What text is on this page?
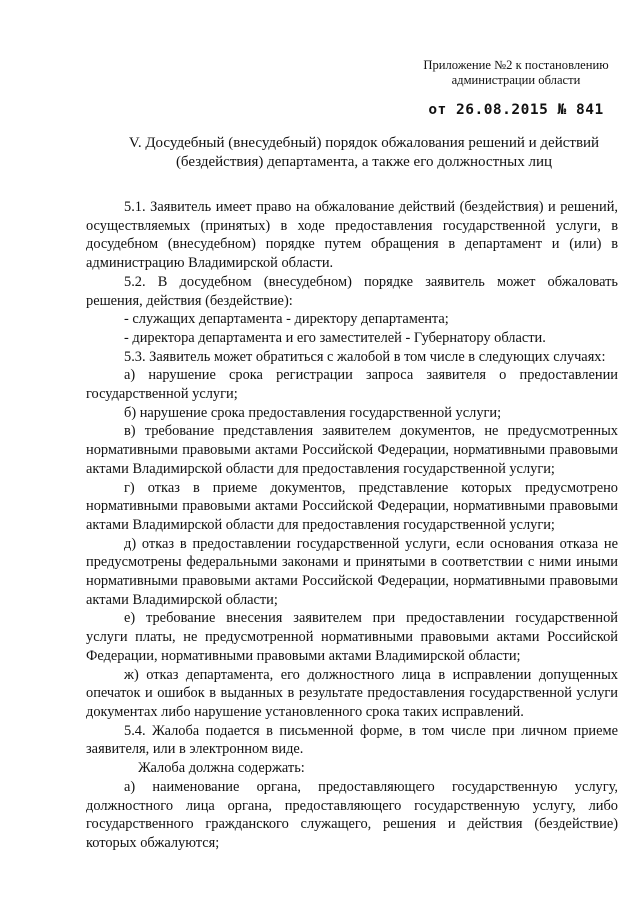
Приложение №2 к постановлению
администрации области
от 26.08.2015 № 841
V. Досудебный (внесудебный) порядок обжалования решений и действий
(бездействия) департамента, а также его должностных лиц

5.1. Заявитель имеет право на обжалование действий (бездействия) и решений, осуществляемых (принятых) в ходе предоставления государственной услуги, в досудебном (внесудебном) порядке путем обращения в департамент и (или) в администрацию Владимирской области.

5.2. В досудебном (внесудебном) порядке заявитель может обжаловать решения, действия (бездействие):

- служащих департамента - директору департамента;

- директора департамента и его заместителей - Губернатору области.

5.3. Заявитель может обратиться с жалобой в том числе в следующих случаях:

а) нарушение срока регистрации запроса заявителя о предоставлении государственной услуги;

б) нарушение срока предоставления государственной услуги;

в) требование представления заявителем документов, не предусмотренных нормативными правовыми актами Российской Федерации, нормативными правовыми актами Владимирской области для предоставления государственной услуги;

г) отказ в приеме документов, представление которых предусмотрено нормативными правовыми актами Российской Федерации, нормативными правовыми актами Владимирской области для предоставления государственной услуги;

д) отказ в предоставлении государственной услуги, если основания отказа не предусмотрены федеральными законами и принятыми в соответствии с ними иными нормативными правовыми актами Российской Федерации, нормативными правовыми актами Владимирской области;

е) требование внесения заявителем при предоставлении государственной услуги платы, не предусмотренной нормативными правовыми актами Российской Федерации, нормативными правовыми актами Владимирской области;

ж) отказ департамента, его должностного лица в исправлении допущенных опечаток и ошибок в выданных в результате предоставления государственной услуги документах либо нарушение установленного срока таких исправлений.

5.4. Жалоба подается в письменной форме, в том числе при личном приеме заявителя, или в электронном виде.

Жалоба должна содержать:

а) наименование органа, предоставляющего государственную услугу, должностного лица органа, предоставляющего государственную услугу, либо государственного гражданского служащего, решения и действия (бездействие) которых обжалуются;
